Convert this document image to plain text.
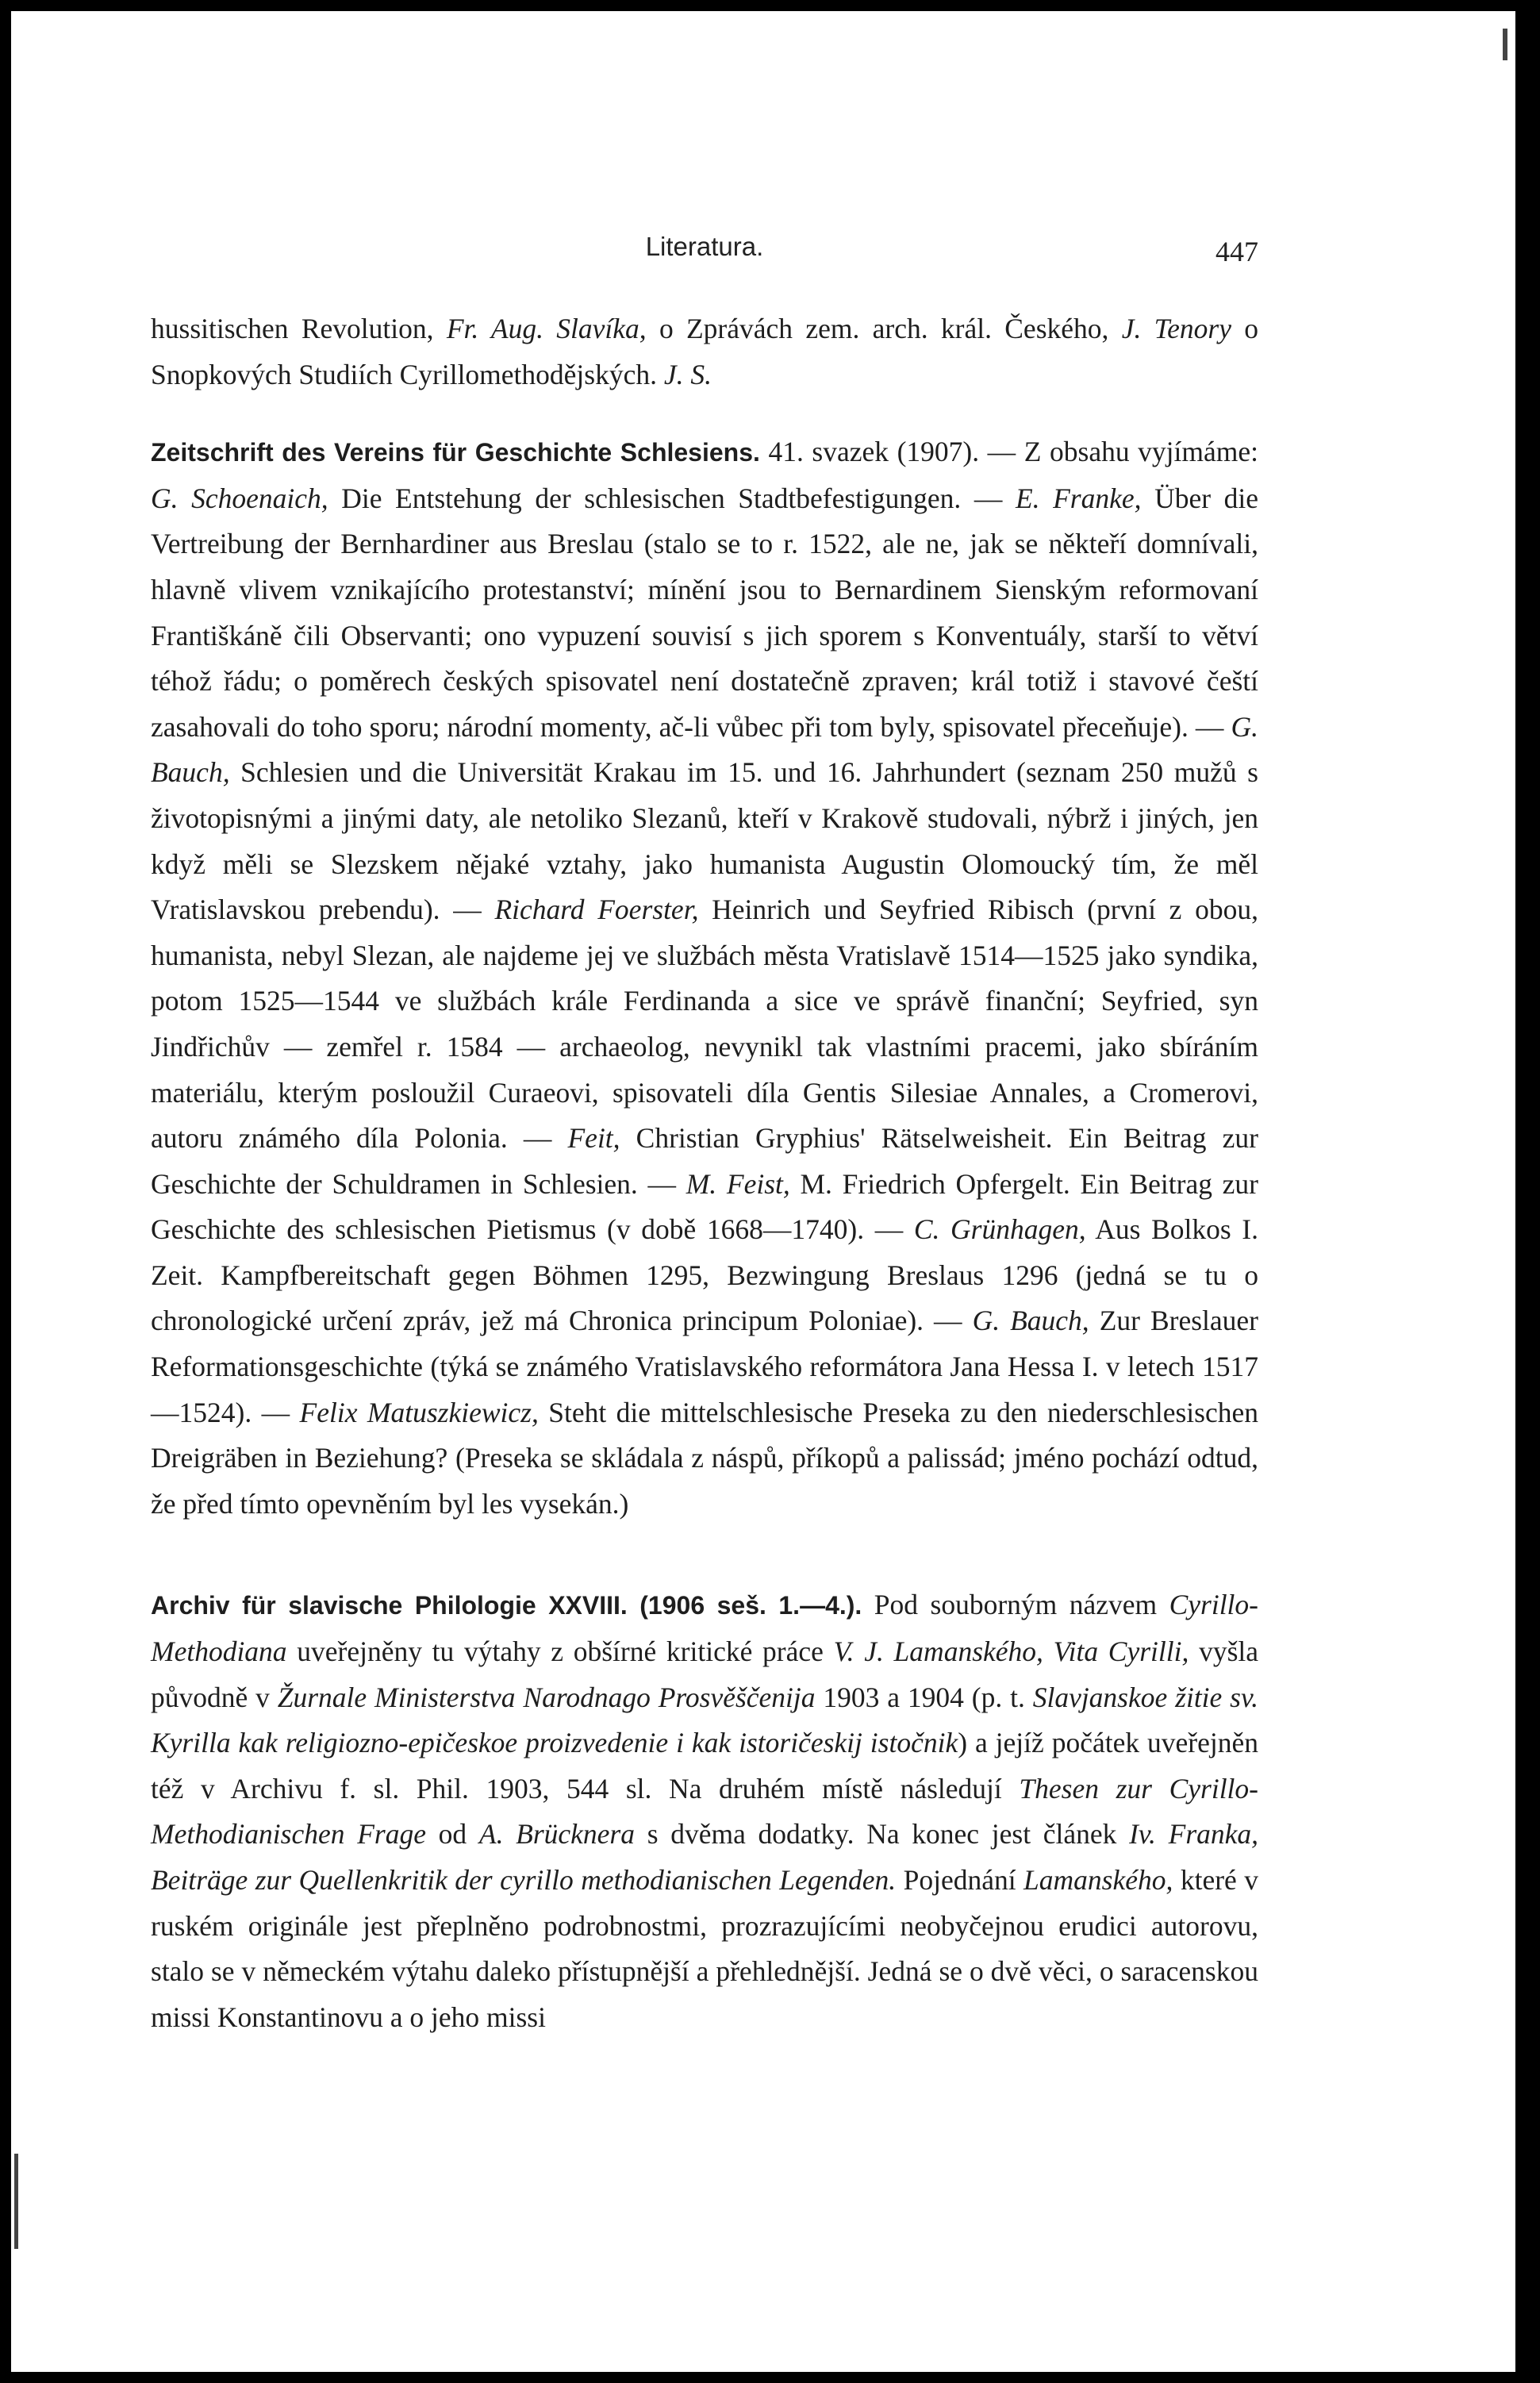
Literatura.	447

hussitischen Revolution, Fr. Aug. Slavíka, o Zprávách zem. arch. král. Českého, J. Tenory o Snopkových Studiích Cyrillomethodějských. J. S.

Zeitschrift des Vereins für Geschichte Schlesiens. 41. svazek (1907). — Z obsahu vyjímáme: G. Schoenaich, Die Entstehung der schlesischen Stadtbefestigungen. — E. Franke, Über die Vertreibung der Bernhardiner aus Breslau (stalo se to r. 1522, ale ne, jak se někteří domnívali, hlavně vlivem vznikajícího protestanství; mínění jsou to Bernardinem Sienským reformovaní Františkáně čili Observanti; ono vypuzení souvisí s jich sporem s Konventuály, starší to větví téhož řádu; o poměrech českých spisovatel není dostatečně zpraven; král totiž i stavové čeští zasahovali do toho sporu; národní momenty, ač-li vůbec při tom byly, spisovatel přeceňuje). — G. Bauch, Schlesien und die Universität Krakau im 15. und 16. Jahrhundert (seznam 250 mužů s životopisnými a jinými daty, ale netoliko Slezanů, kteří v Krakově studovali, nýbrž i jiných, jen když měli se Slezskem nějaké vztahy, jako humanista Augustin Olomoucký tím, že měl Vratislavskou prebendu). — Richard Foerster, Heinrich und Seyfried Ribisch (první z obou, humanista, nebyl Slezan, ale najdeme jej ve službách města Vratislavě 1514—1525 jako syndika, potom 1525—1544 ve službách krále Ferdinanda a sice ve správě finanční; Seyfried, syn Jindřichův — zemřel r. 1584 — archaeolog, nevynikl tak vlastními pracemi, jako sbíráním materiálu, kterým posloužil Curaeovi, spisovateli díla Gentis Silesiae Annales, a Cromerovi, autoru známého díla Polonia. — Feit, Christian Gryphius' Rätselweisheit. Ein Beitrag zur Geschichte der Schuldramen in Schlesien. — M. Feist, M. Friedrich Opfergelt. Ein Beitrag zur Geschichte des schlesischen Pietismus (v době 1668—1740). — C. Grünhagen, Aus Bolkos I. Zeit. Kampfbereitschaft gegen Böhmen 1295, Bezwingung Breslaus 1296 (jedná se tu o chronologické určení zpráv, jež má Chronica principum Poloniae). — G. Bauch, Zur Breslauer Reformationsgeschichte (týká se známého Vratislavského reformátora Jana Hessa I. v letech 1517—1524). — Felix Matuszkiewicz, Steht die mittelschlesische Preseka zu den niederschlesischen Dreigräben in Beziehung? (Preseka se skládala z náspů, příkopů a palissád; jméno pochází odtud, že před tímto opevněním byl les vysekán.)

Archiv für slavische Philologie XXVIII. (1906 seš. 1.—4.). Pod souborným názvem Cyrillo-Methodiana uveřejněny tu výtahy z obšírné kritické práce V. J. Lamanského, Vita Cyrilli, vyšla původně v Žurnale Ministerstva Narodnago Prosvěščenija 1903 a 1904 (p. t. Slavjanskoe žitie sv. Kyrilla kak religiozno-epičeskoe proizvedenie i kak istoričeskij istočnik) a jejíž počátek uveřejněn též v Archivu f. sl. Phil. 1903, 544 sl. Na druhém místě následují Thesen zur Cyrillo-Methodianischen Frage od A. Brücknera s dvěma dodatky. Na konec jest článek Iv. Franka, Beiträge zur Quellenkritik der cyrillo methodianischen Legenden. Pojednání Lamanského, které v ruském originále jest přeplněno podrobnostmi, prozrazujícími neobyčejnou erudici autorovu, stalo se v německém výtahu daleko přístupnější a přehlednější. Jedná se o dvě věci, o saracenskou missi Konstantinovu a o jeho missi
